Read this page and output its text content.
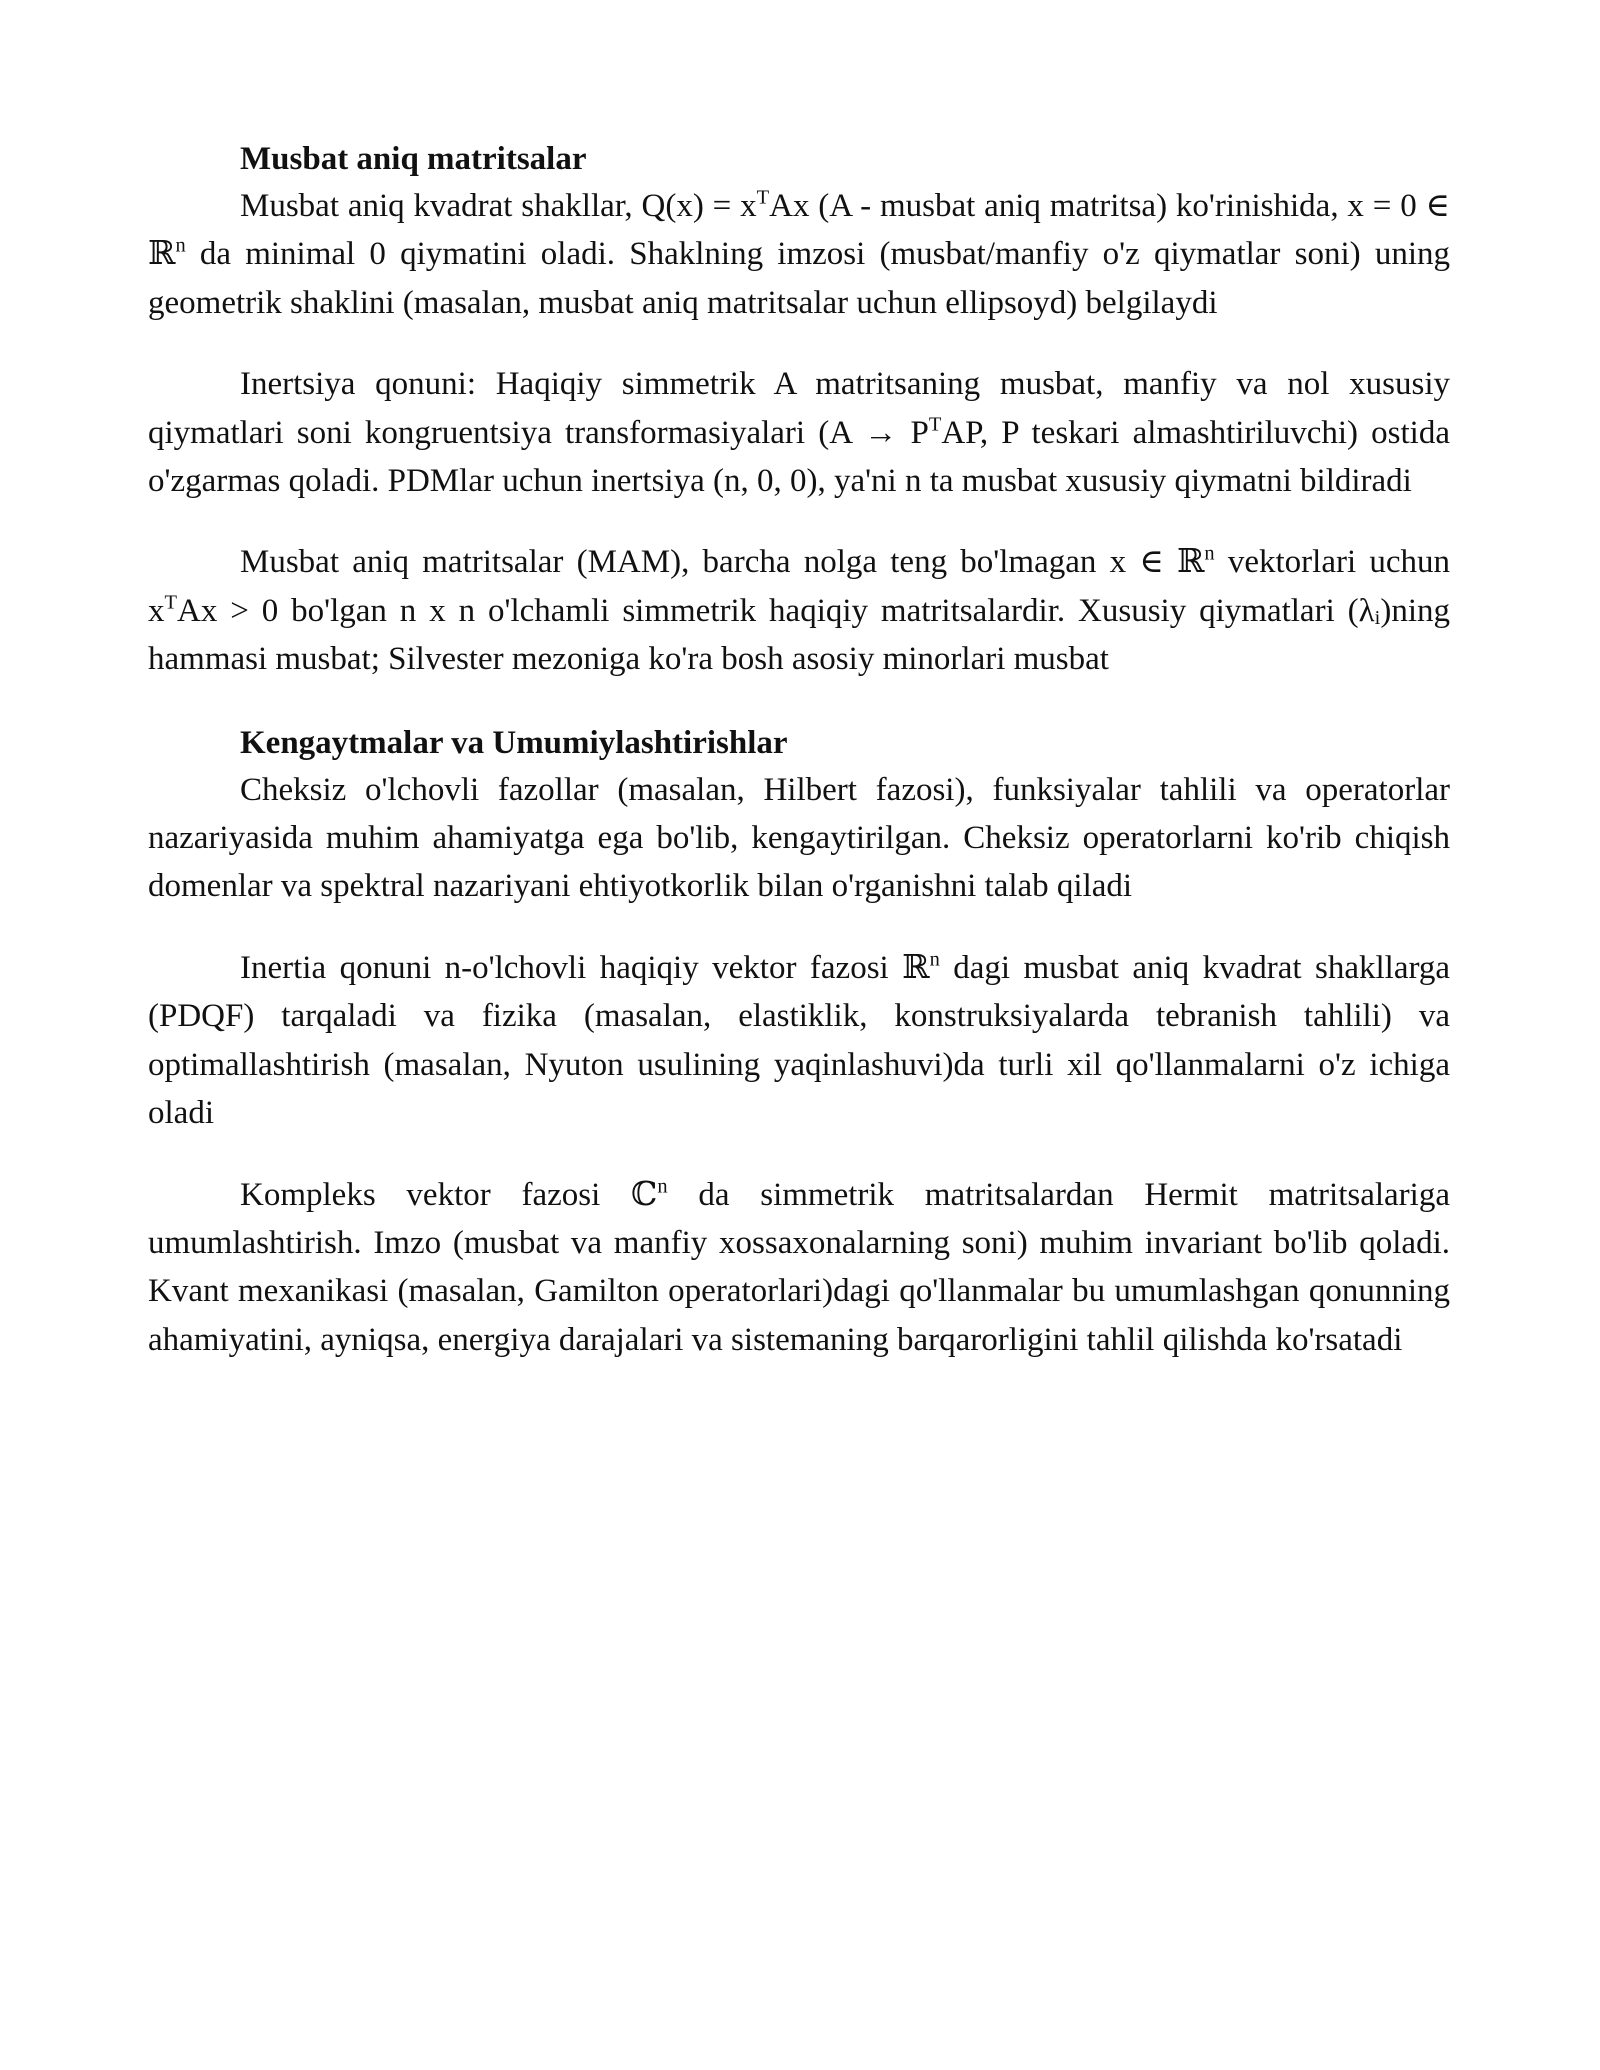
Musbat aniq matritsalar

Musbat aniq kvadrat shakllar, $Q(x) = x^TAx$ (A - musbat aniq matritsa) ko'rinishida, x = 0 ∈ ℝ$^n$ da minimal 0 qiymatini oladi. Shaklning imzosi (musbat/manfiy o'z qiymatlar soni) uning geometrik shaklini (masalan, musbat aniq matritsalar uchun ellipsoyd) belgilaydi

Inertsiya qonuni: Haqiqiy simmetrik A matritsaning musbat, manfiy va nol xususiy qiymatlari soni kongruentsiya transformasiyalari ($A \to P^TAP$, P teskari almashtiriluvchi) ostida o'zgarmas qoladi. PDMlar uchun inertsiya (n, 0, 0), ya'ni n ta musbat xususiy qiymatni bildiradi

Musbat aniq matritsalar (MAM), barcha nolga teng bo'lmagan x ∈ ℝ$^n$ vektorlari uchun $x^TAx > 0$ bo'lgan n x n o'lchamli simmetrik haqiqiy matritsalardir. Xususiy qiymatlari $(\lambda_i)ning$ hammasi musbat; Silvester mezoniga ko'ra bosh asosiy minorlari musbat

Kengaytmalar va Umumiylashtirishlar

Cheksiz o'lchovli fazollar (masalan, Hilbert fazosi), funksiyalar tahlili va operatorlar nazariyasida muhim ahamiyatga ega bo'lib, kengaytirilgan. Cheksiz operatorlarni ko'rib chiqish domenlar va spektral nazariyani ehtiyotkorlik bilan o'rganishni talab qiladi

Inertia qonuni n-o'lchovli haqiqiy vektor fazosi ℝ$^n$ dagi musbat aniq kvadrat shakllarga (PDQF) tarqaladi va fizika (masalan, elastiklik, konstruksiyalarda tebranish tahlili) va optimallashtirish (masalan, Nyuton usulining yaqinlashuvi)da turli xil qo'llanmalarni o'z ichiga oladi

Kompleks vektor fazosi ℂ$^n$ da simmetrik matritsalardan Hermit matritsalariga umumlashtirish. Imzo (musbat va manfiy xossaxonalarning soni) muhim invariant bo'lib qoladi. Kvant mexanikasi (masalan, Gamilton operatorlari)dagi qo'llanmalar bu umumlashgan qonunning ahamiyatini, ayniqsa, energiya darajalari va sistemaning barqarorligini tahlil qilishda ko'rsatadi
